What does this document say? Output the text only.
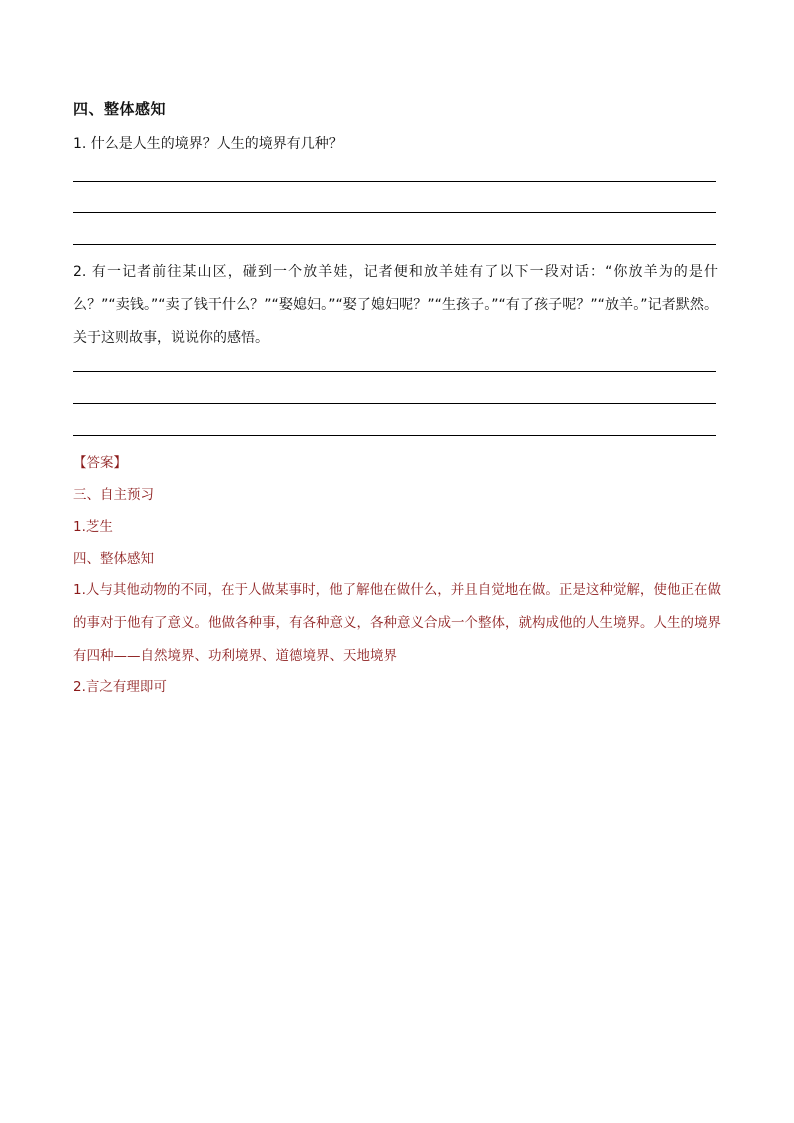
四、整体感知
1. 什么是人生的境界？人生的境界有几种？
2. 有一记者前往某山区，碰到一个放羊娃，记者便和放羊娃有了以下一段对话：“你放羊为的是什么？”“卖钱。”“卖了钱干什么？”“娶媳妇。”“娶了媳妇呢？”“生孩子。”“有了孩子呢？”“放羊。”记者默然。关于这则故事，说说你的感悟。
【答案】
三、自主预习
1.芝生
四、整体感知
1.人与其他动物的不同，在于人做某事时，他了解他在做什么，并且自觉地在做。正是这种觉解，使他正在做的事对于他有了意义。他做各种事，有各种意义，各种意义合成一个整体，就构成他的人生境界。人生的境界有四种——自然境界、功利境界、道德境界、天地境界
2.言之有理即可
